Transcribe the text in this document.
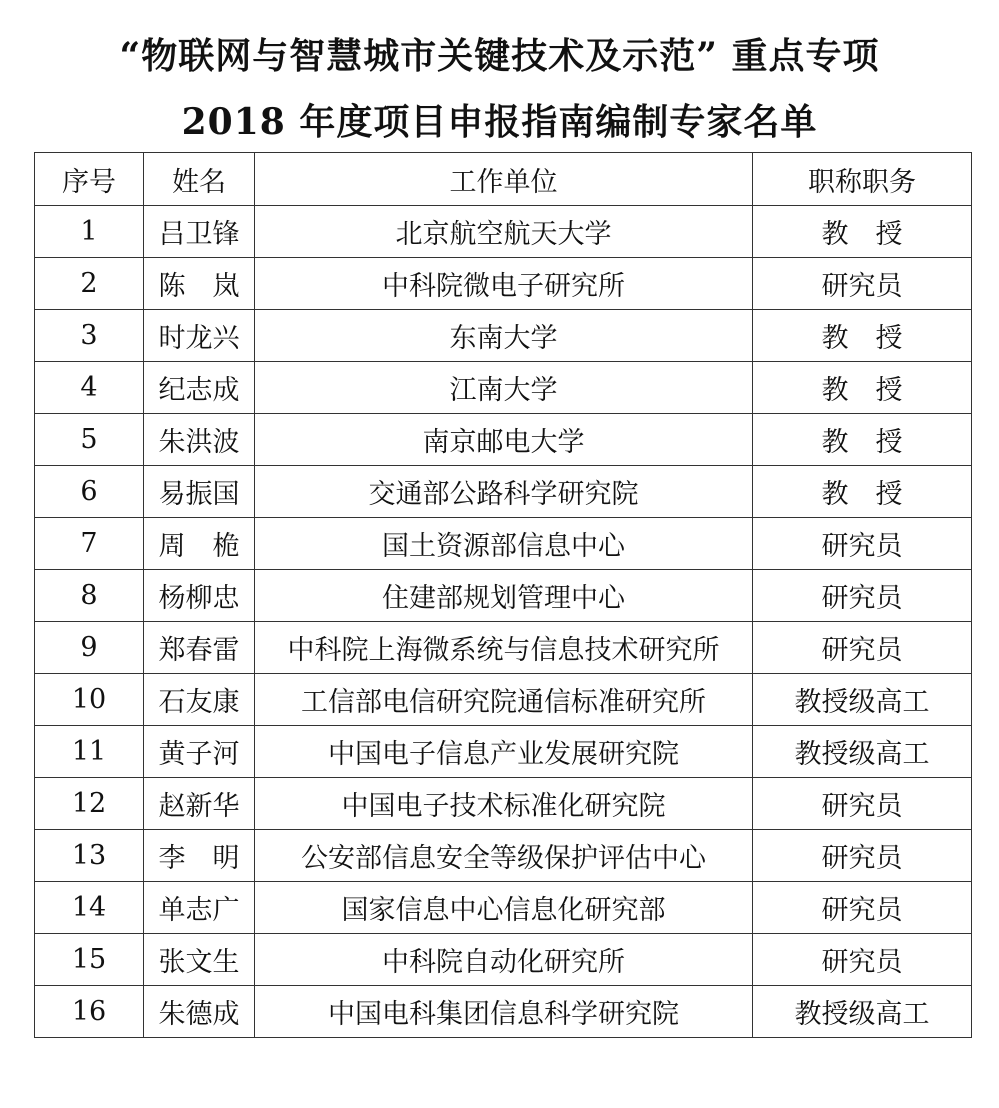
“物联网与智慧城市关键技术及示范” 重点专项
2018 年度项目申报指南编制专家名单
序号	姓名	工作单位	职称职务
1	吕卫锋	北京航空航天大学	教　授
2	陈　岚	中科院微电子研究所	研究员
3	时龙兴	东南大学	教　授
4	纪志成	江南大学	教　授
5	朱洪波	南京邮电大学	教　授
6	易振国	交通部公路科学研究院	教　授
7	周　桅	国土资源部信息中心	研究员
8	杨柳忠	住建部规划管理中心	研究员
9	郑春雷	中科院上海微系统与信息技术研究所	研究员
10	石友康	工信部电信研究院通信标准研究所	教授级高工
11	黄子河	中国电子信息产业发展研究院	教授级高工
12	赵新华	中国电子技术标准化研究院	研究员
13	李　明	公安部信息安全等级保护评估中心	研究员
14	单志广	国家信息中心信息化研究部	研究员
15	张文生	中科院自动化研究所	研究员
16	朱德成	中国电科集团信息科学研究院	教授级高工
